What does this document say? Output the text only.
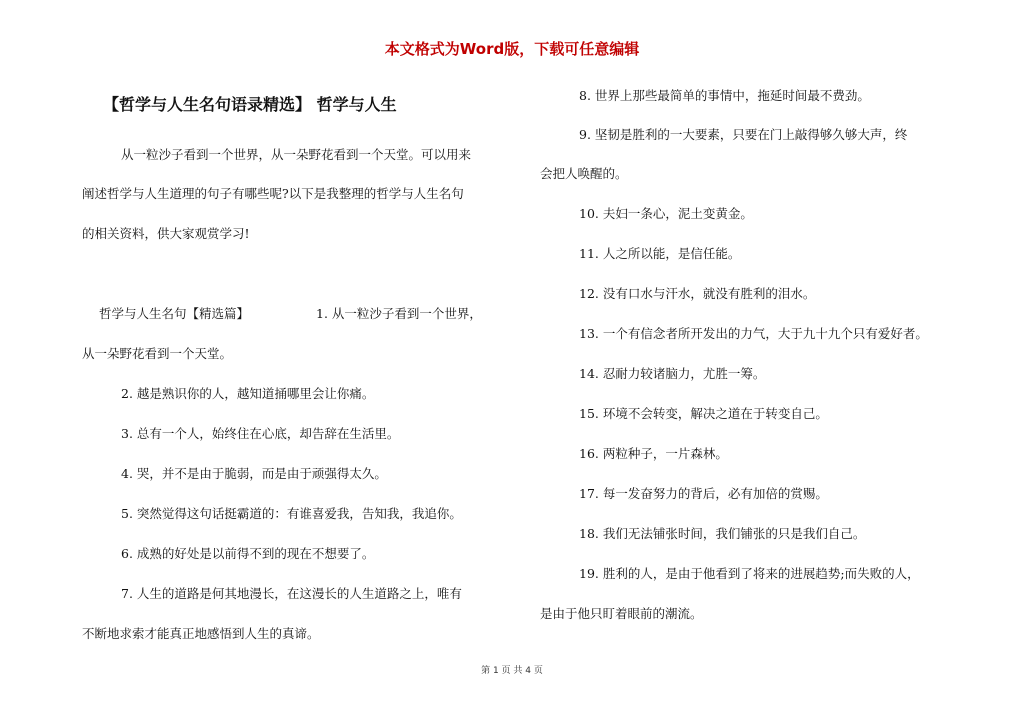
本文格式为Word版，下载可任意编辑
【哲学与人生名句语录精选】 哲学与人生
从一粒沙子看到一个世界，从一朵野花看到一个天堂。可以用来
阐述哲学与人生道理的句子有哪些呢?以下是我整理的哲学与人生名句
的相关资料，供大家观赏学习!
哲学与人生名句【精选篇】	1. 从一粒沙子看到一个世界，
从一朵野花看到一个天堂。
2. 越是熟识你的人，越知道捅哪里会让你痛。
3. 总有一个人，始终住在心底，却告辞在生活里。
4. 哭，并不是由于脆弱，而是由于顽强得太久。
5. 突然觉得这句话挺霸道的：有谁喜爱我，告知我，我追你。
6. 成熟的好处是以前得不到的现在不想要了。
7. 人生的道路是何其地漫长，在这漫长的人生道路之上，唯有
不断地求索才能真正地感悟到人生的真谛。
8. 世界上那些最简单的事情中，拖延时间最不费劲。
9. 坚韧是胜利的一大要素，只要在门上敲得够久够大声，终
会把人唤醒的。
10. 夫妇一条心，泥土变黄金。
11. 人之所以能，是信任能。
12. 没有口水与汗水，就没有胜利的泪水。
13. 一个有信念者所开发出的力气，大于九十九个只有爱好者。
14. 忍耐力较诸脑力，尤胜一筹。
15. 环境不会转变，解决之道在于转变自己。
16. 两粒种子，一片森林。
17. 每一发奋努力的背后，必有加倍的赏赐。
18. 我们无法铺张时间，我们铺张的只是我们自己。
19. 胜利的人，是由于他看到了将来的进展趋势;而失败的人，
是由于他只盯着眼前的潮流。
第 1 页 共 4 页
